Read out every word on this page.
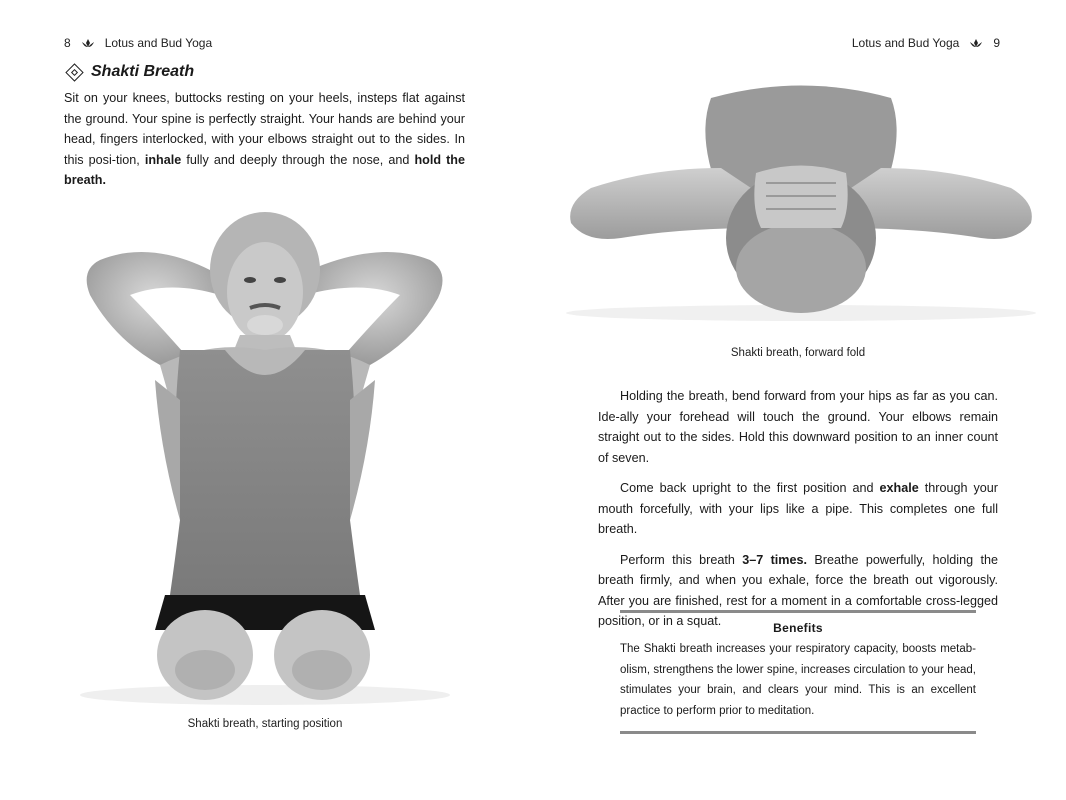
8	Lotus and Bud Yoga
Shakti Breath

Sit on your knees, buttocks resting on your heels, insteps flat against the ground. Your spine is perfectly straight. Your hands are behind your head, fingers interlocked, with your elbows straight out to the sides. In this posi-tion, inhale fully and deeply through the nose, and hold the breath.

Shakti breath, starting position
Lotus and Bud Yoga	9
Shakti breath, forward fold

Holding the breath, bend forward from your hips as far as you can. Ide-ally your forehead will touch the ground. Your elbows remain straight out to the sides. Hold this downward position to an inner count of seven.

Come back upright to the first position and exhale through your mouth forcefully, with your lips like a pipe. This completes one full breath.

Perform this breath 3–7 times. Breathe powerfully, holding the breath firmly, and when you exhale, force the breath out vigorously. After you are finished, rest for a moment in a comfortable cross-legged position, or in a squat.	Benefits

The Shakti breath increases your respiratory capacity, boosts metab-olism, strengthens the lower spine, increases circulation to your head, stimulates your brain, and clears your mind. This is an excellent practice to perform prior to meditation.
